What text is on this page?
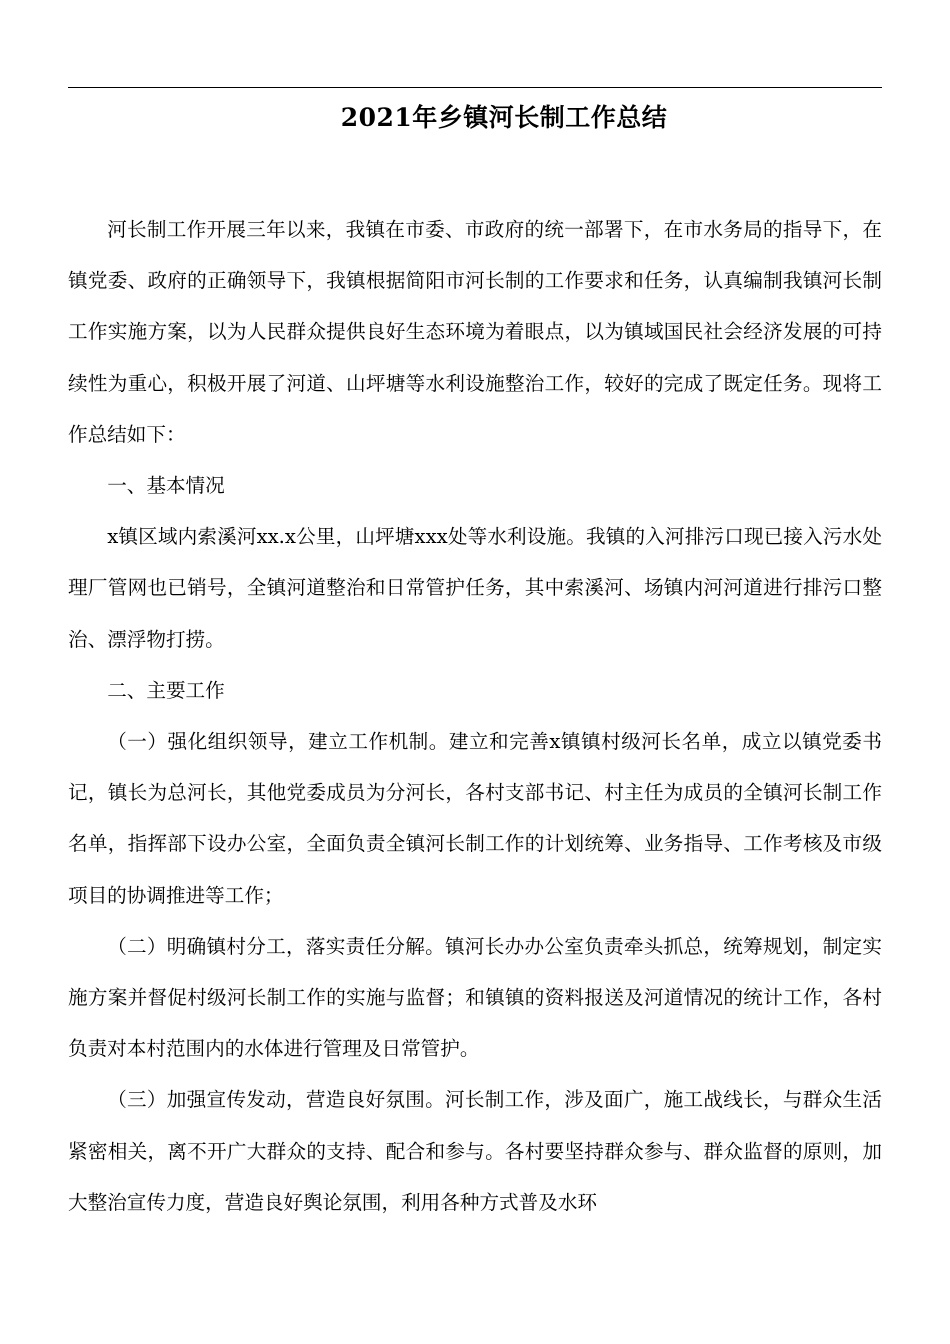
2021年乡镇河长制工作总结

河长制工作开展三年以来，我镇在市委、市政府的统一部署下，在市水务局的指导下，在镇党委、政府的正确领导下，我镇根据简阳市河长制的工作要求和任务，认真编制我镇河长制工作实施方案，以为人民群众提供良好生态环境为着眼点，以为镇域国民社会经济发展的可持续性为重心，积极开展了河道、山坪塘等水利设施整治工作，较好的完成了既定任务。现将工作总结如下：

一、基本情况

x镇区域内索溪河xx.x公里，山坪塘xxx处等水利设施。我镇的入河排污口现已接入污水处理厂管网也已销号，全镇河道整治和日常管护任务，其中索溪河、场镇内河河道进行排污口整治、漂浮物打捞。

二、主要工作

（一）强化组织领导，建立工作机制。建立和完善x镇镇村级河长名单，成立以镇党委书记，镇长为总河长，其他党委成员为分河长，各村支部书记、村主任为成员的全镇河长制工作名单，指挥部下设办公室，全面负责全镇河长制工作的计划统筹、业务指导、工作考核及市级项目的协调推进等工作；

（二）明确镇村分工，落实责任分解。镇河长办办公室负责牵头抓总，统筹规划，制定实施方案并督促村级河长制工作的实施与监督；和镇镇的资料报送及河道情况的统计工作，各村负责对本村范围内的水体进行管理及日常管护。

（三）加强宣传发动，营造良好氛围。河长制工作，涉及面广，施工战线长，与群众生活紧密相关，离不开广大群众的支持、配合和参与。各村要坚持群众参与、群众监督的原则，加大整治宣传力度，营造良好舆论氛围，利用各种方式普及水环
